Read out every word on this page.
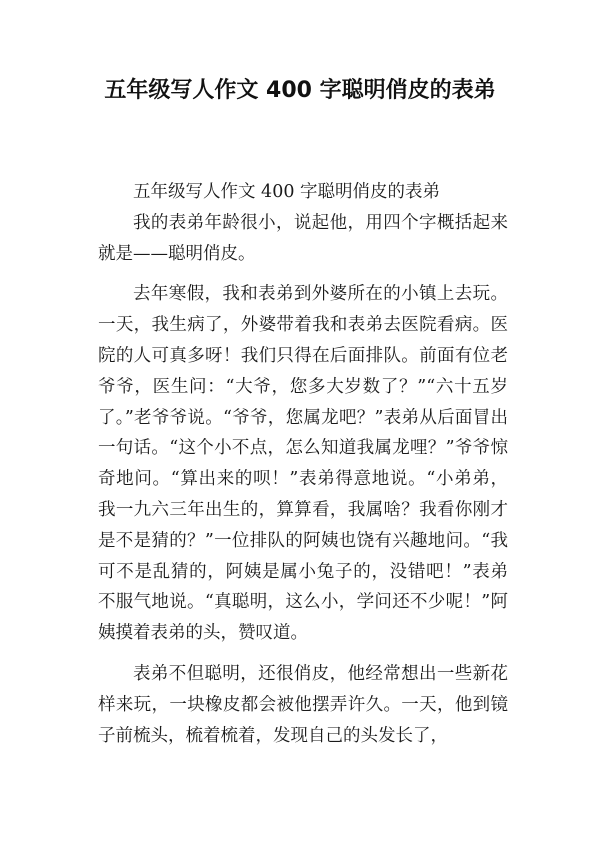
五年级写人作文 400 字聪明俏皮的表弟

五年级写人作文 400 字聪明俏皮的表弟

我的表弟年龄很小，说起他，用四个字概括起来就是——聪明俏皮。

去年寒假，我和表弟到外婆所在的小镇上去玩。一天，我生病了，外婆带着我和表弟去医院看病。医院的人可真多呀！我们只得在后面排队。前面有位老爷爷，医生问：“大爷，您多大岁数了？”“六十五岁了。”老爷爷说。“爷爷，您属龙吧？”表弟从后面冒出一句话。“这个小不点，怎么知道我属龙哩？”爷爷惊奇地问。“算出来的呗！”表弟得意地说。“小弟弟，我一九六三年出生的，算算看，我属啥？我看你刚才是不是猜的？”一位排队的阿姨也饶有兴趣地问。“我可不是乱猜的，阿姨是属小兔子的，没错吧！”表弟不服气地说。“真聪明，这么小，学问还不少呢！”阿姨摸着表弟的头，赞叹道。

表弟不但聪明，还很俏皮，他经常想出一些新花样来玩，一块橡皮都会被他摆弄许久。一天，他到镜子前梳头，梳着梳着，发现自己的头发长了，
